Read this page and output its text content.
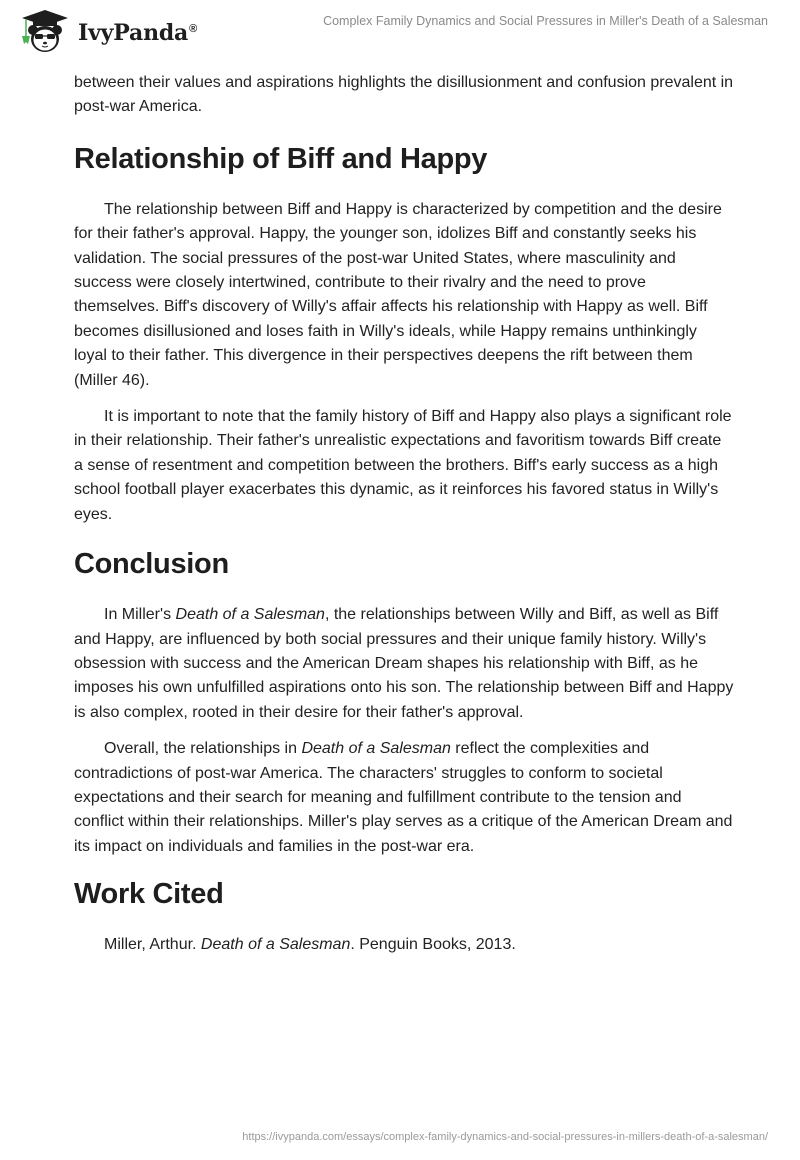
IvyPanda®
Complex Family Dynamics and Social Pressures in Miller's Death of a Salesman

between their values and aspirations highlights the disillusionment and confusion prevalent in post-war America.

Relationship of Biff and Happy

The relationship between Biff and Happy is characterized by competition and the desire for their father's approval. Happy, the younger son, idolizes Biff and constantly seeks his validation. The social pressures of the post-war United States, where masculinity and success were closely intertwined, contribute to their rivalry and the need to prove themselves. Biff's discovery of Willy's affair affects his relationship with Happy as well. Biff becomes disillusioned and loses faith in Willy's ideals, while Happy remains unthinkingly loyal to their father. This divergence in their perspectives deepens the rift between them (Miller 46).

It is important to note that the family history of Biff and Happy also plays a significant role in their relationship. Their father's unrealistic expectations and favoritism towards Biff create a sense of resentment and competition between the brothers. Biff's early success as a high school football player exacerbates this dynamic, as it reinforces his favored status in Willy's eyes.

Conclusion

In Miller's Death of a Salesman, the relationships between Willy and Biff, as well as Biff and Happy, are influenced by both social pressures and their unique family history. Willy's obsession with success and the American Dream shapes his relationship with Biff, as he imposes his own unfulfilled aspirations onto his son. The relationship between Biff and Happy is also complex, rooted in their desire for their father's approval.

Overall, the relationships in Death of a Salesman reflect the complexities and contradictions of post-war America. The characters' struggles to conform to societal expectations and their search for meaning and fulfillment contribute to the tension and conflict within their relationships. Miller's play serves as a critique of the American Dream and its impact on individuals and families in the post-war era.

Work Cited

Miller, Arthur. Death of a Salesman. Penguin Books, 2013.

https://ivypanda.com/essays/complex-family-dynamics-and-social-pressures-in-millers-death-of-a-salesman/
